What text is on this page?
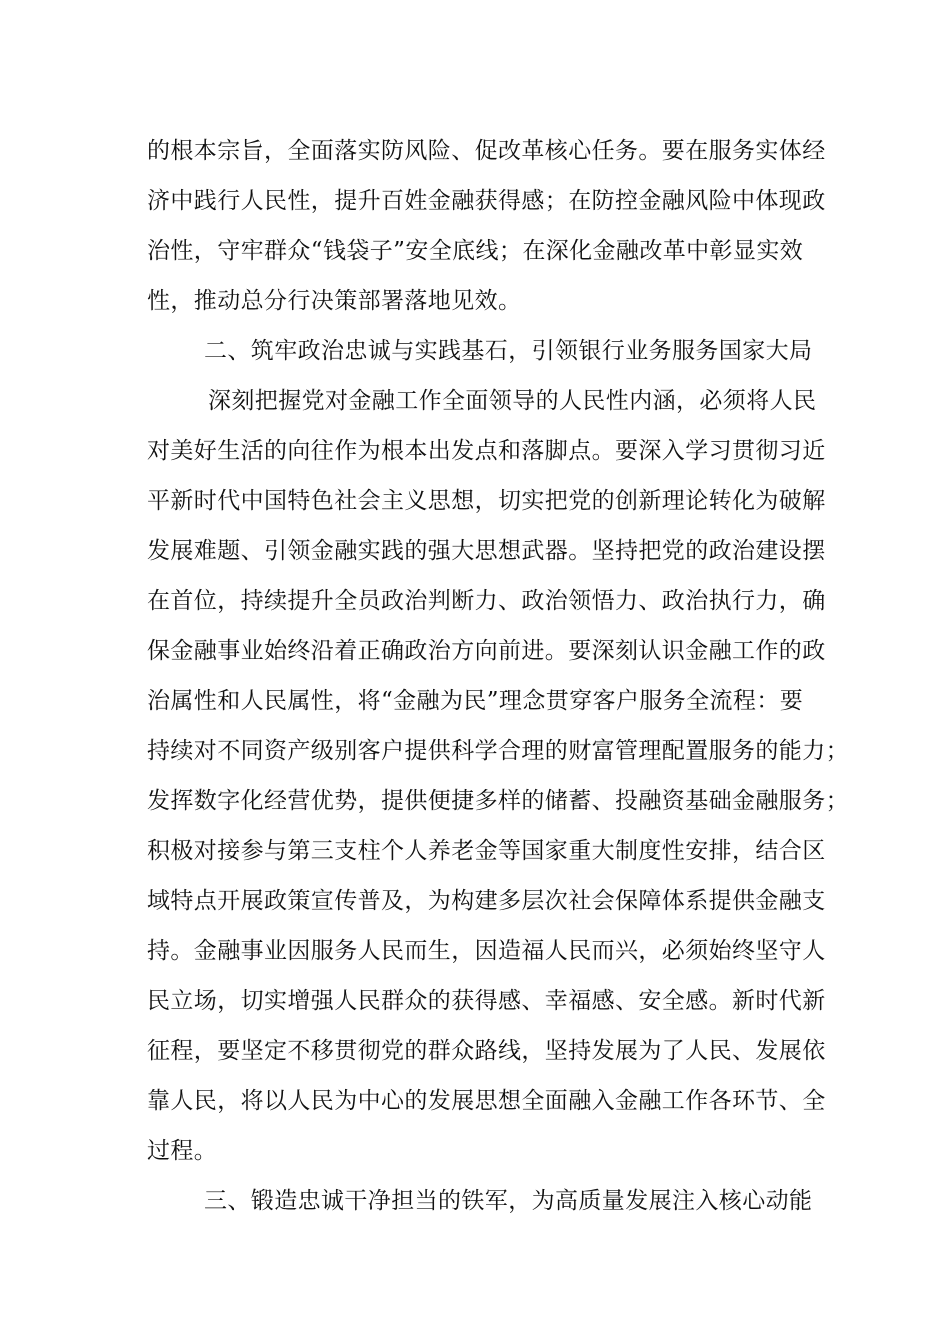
的根本宗旨，全面落实防风险、促改革核心任务。要在服务实体经

济中践行人民性，提升百姓金融获得感；在防控金融风险中体现政

治性，守牢群众“钱袋子”安全底线；在深化金融改革中彰显实效

性，推动总分行决策部署落地见效。

二、筑牢政治忠诚与实践基石，引领银行业务服务国家大局

深刻把握党对金融工作全面领导的人民性内涵，必须将人民

对美好生活的向往作为根本出发点和落脚点。要深入学习贯彻习近

平新时代中国特色社会主义思想，切实把党的创新理论转化为破解

发展难题、引领金融实践的强大思想武器。坚持把党的政治建设摆

在首位，持续提升全员政治判断力、政治领悟力、政治执行力，确

保金融事业始终沿着正确政治方向前进。要深刻认识金融工作的政

治属性和人民属性，将“金融为民”理念贯穿客户服务全流程：要

持续对不同资产级别客户提供科学合理的财富管理配置服务的能力；

发挥数字化经营优势，提供便捷多样的储蓄、投融资基础金融服务；

积极对接参与第三支柱个人养老金等国家重大制度性安排，结合区

域特点开展政策宣传普及，为构建多层次社会保障体系提供金融支

持。金融事业因服务人民而生，因造福人民而兴，必须始终坚守人

民立场，切实增强人民群众的获得感、幸福感、安全感。新时代新

征程，要坚定不移贯彻党的群众路线，坚持发展为了人民、发展依

靠人民，将以人民为中心的发展思想全面融入金融工作各环节、全

过程。

三、锻造忠诚干净担当的铁军，为高质量发展注入核心动能
